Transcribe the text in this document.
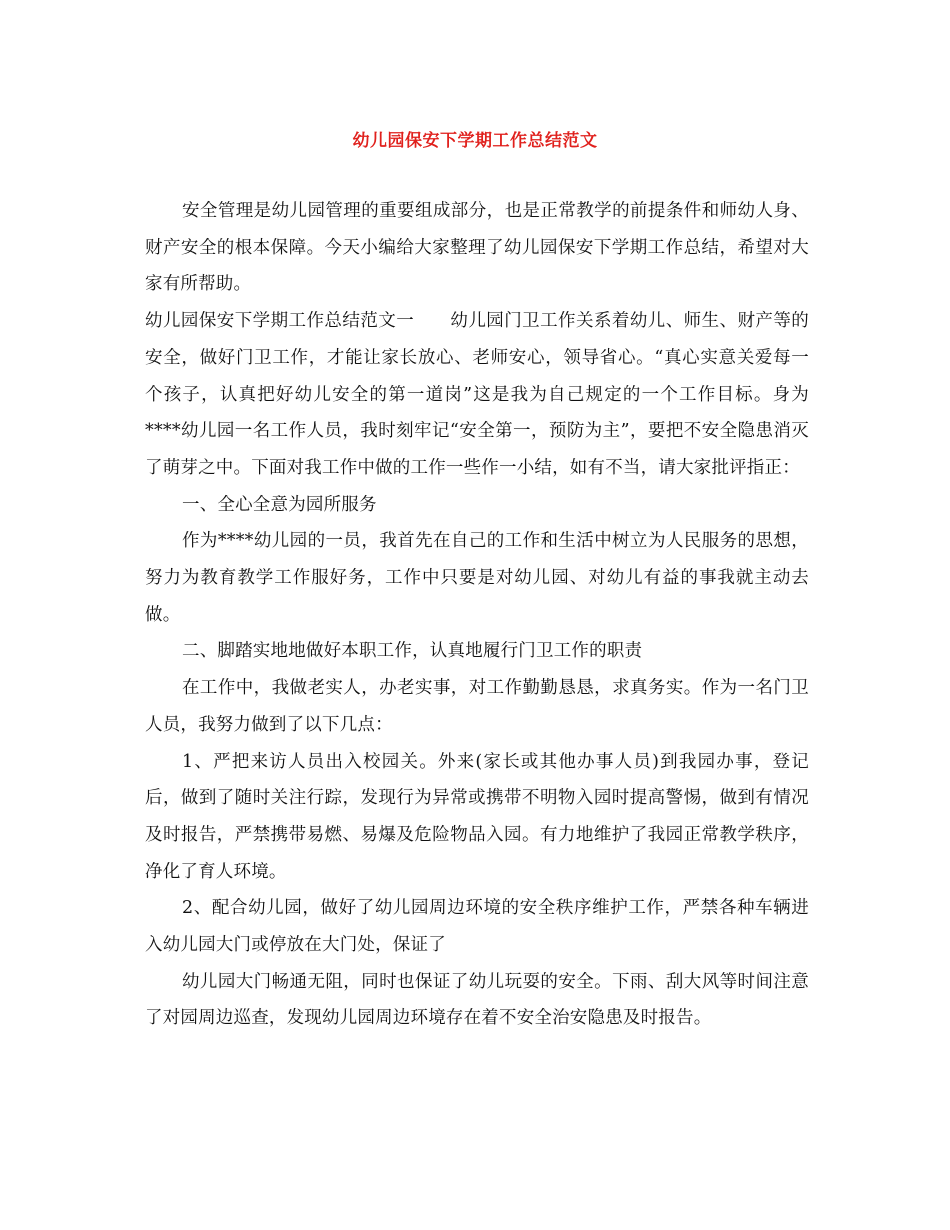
幼儿园保安下学期工作总结范文

安全管理是幼儿园管理的重要组成部分，也是正常教学的前提条件和师幼人身、财产安全的根本保障。今天小编给大家整理了幼儿园保安下学期工作总结，希望对大家有所帮助。

幼儿园保安下学期工作总结范文一 幼儿园门卫工作关系着幼儿、师生、财产等的安全，做好门卫工作，才能让家长放心、老师安心，领导省心。“真心实意关爱每一个孩子，认真把好幼儿安全的第一道岗”这是我为自己规定的一个工作目标。身为****幼儿园一名工作人员，我时刻牢记“安全第一，预防为主”，要把不安全隐患消灭了萌芽之中。下面对我工作中做的工作一些作一小结，如有不当，请大家批评指正：

一、全心全意为园所服务

作为****幼儿园的一员，我首先在自己的工作和生活中树立为人民服务的思想，努力为教育教学工作服好务，工作中只要是对幼儿园、对幼儿有益的事我就主动去做。

二、脚踏实地地做好本职工作，认真地履行门卫工作的职责

在工作中，我做老实人，办老实事，对工作勤勤恳恳，求真务实。作为一名门卫人员，我努力做到了以下几点：

1、严把来访人员出入校园关。外来(家长或其他办事人员)到我园办事，登记后，做到了随时关注行踪，发现行为异常或携带不明物入园时提高警惕，做到有情况及时报告，严禁携带易燃、易爆及危险物品入园。有力地维护了我园正常教学秩序，净化了育人环境。

2、配合幼儿园，做好了幼儿园周边环境的安全秩序维护工作，严禁各种车辆进入幼儿园大门或停放在大门处，保证了

幼儿园大门畅通无阻，同时也保证了幼儿玩耍的安全。下雨、刮大风等时间注意了对园周边巡查，发现幼儿园周边环境存在着不安全治安隐患及时报告。
